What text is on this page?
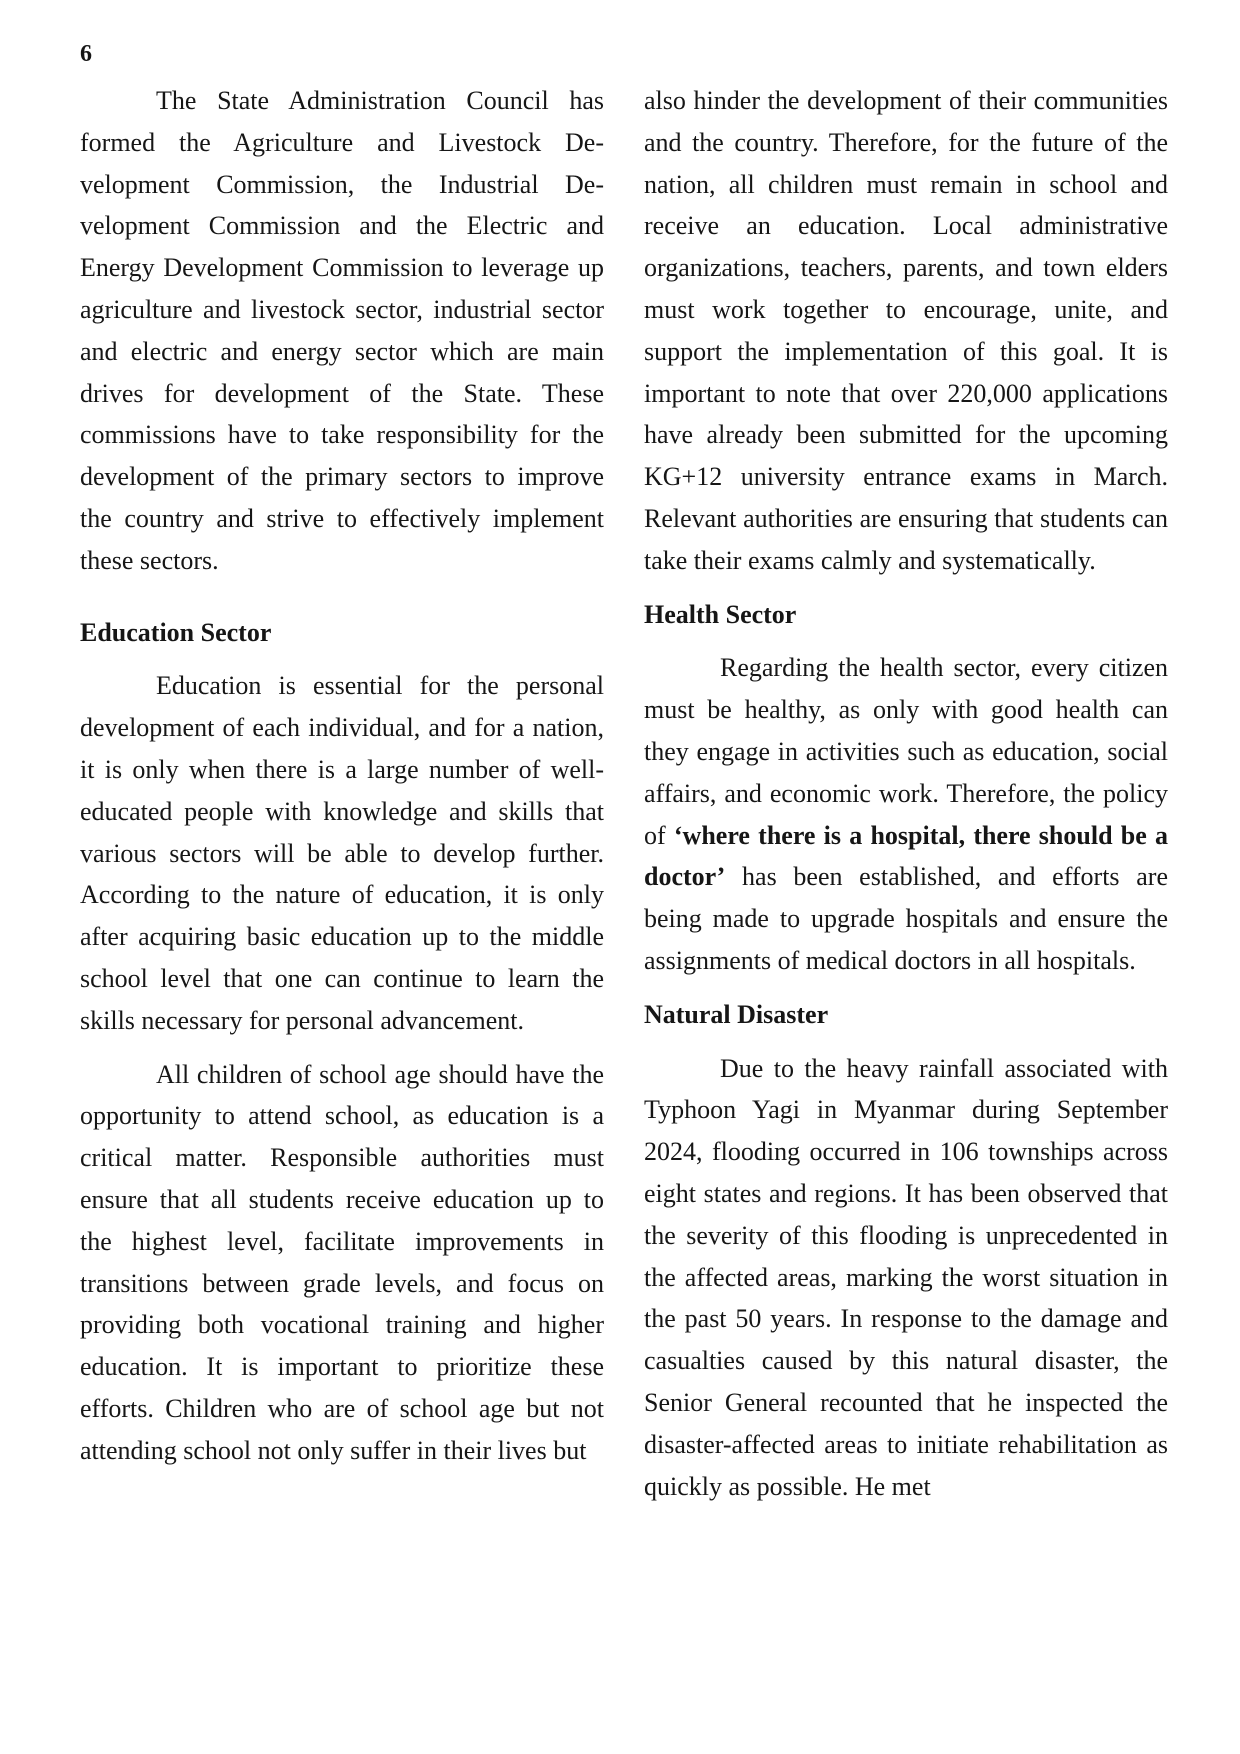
6

The State Administration Council has formed the Agriculture and Livestock Development Commission, the Industrial Development Commission and the Electric and Energy Development Commission to leverage up agriculture and livestock sector, industrial sector and electric and energy sector which are main drives for development of the State. These commissions have to take responsibility for the development of the primary sectors to improve the country and strive to effectively implement these sectors.

Education Sector

Education is essential for the personal development of each individual, and for a nation, it is only when there is a large number of well-educated people with knowledge and skills that various sectors will be able to develop further. According to the nature of education, it is only after acquiring basic education up to the middle school level that one can continue to learn the skills necessary for personal advancement.

All children of school age should have the opportunity to attend school, as education is a critical matter. Responsible authorities must ensure that all students receive education up to the highest level, facilitate improvements in transitions between grade levels, and focus on providing both vocational training and higher education. It is important to prioritize these efforts. Children who are of school age but not attending school not only suffer in their lives but

also hinder the development of their communities and the country. Therefore, for the future of the nation, all children must remain in school and receive an education. Local administrative organizations, teachers, parents, and town elders must work together to encourage, unite, and support the implementation of this goal. It is important to note that over 220,000 applications have already been submitted for the upcoming KG+12 university entrance exams in March. Relevant authorities are ensuring that students can take their exams calmly and systematically.

Health Sector

Regarding the health sector, every citizen must be healthy, as only with good health can they engage in activities such as education, social affairs, and economic work. Therefore, the policy of ‘where there is a hospital, there should be a doctor’ has been established, and efforts are being made to upgrade hospitals and ensure the assignments of medical doctors in all hospitals.

Natural Disaster

Due to the heavy rainfall associated with Typhoon Yagi in Myanmar during September 2024, flooding occurred in 106 townships across eight states and regions. It has been observed that the severity of this flooding is unprecedented in the affected areas, marking the worst situation in the past 50 years. In response to the damage and casualties caused by this natural disaster, the Senior General recounted that he inspected the disaster-affected areas to initiate rehabilitation as quickly as possible. He met
